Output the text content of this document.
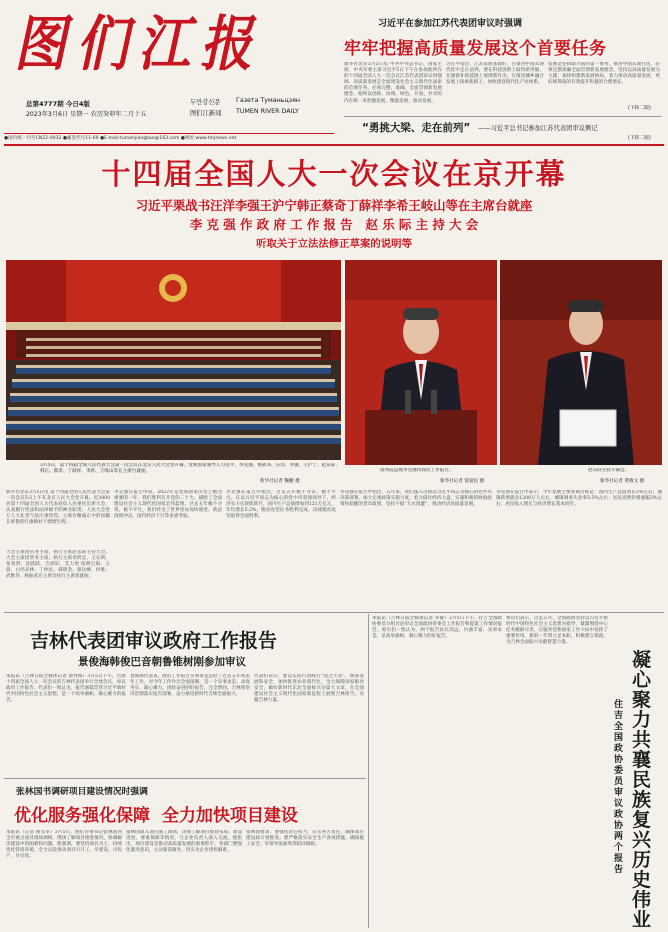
图们江报
总第4777期 今日4版
2023年3月6日 星期一 农历癸卯年二月十五
두만강신문 Газета Туманьцзян
图们江新闻 TUMEN RIVER DAILY
●国内统一刊号CN22-0032 ●邮发代号11-60 ●E-mail:tumenjiangbao@163.com ●网址:www.tmjnews.net
习近平在参加江苏代表团审议时强调
牢牢把握高质量发展这个首要任务
新华社北京3月5日电 中共中央总书记、国家主席、中央军委主席习近平5日下午在参加他所在的十四届全国人大一次会议江苏代表团审议时强调，高质量发展是全面建设社会主义现代化国家的首要任务。必须完整、准确、全面贯彻新发展理念，始终以创新、协调、绿色、开放、共享的内在统一来把握发展、衡量发展、推动发展。
习近平指出，江苏发展基础好，在推进中国式现代化中走在前列，要在科技创新上取得新突破，在强链补链延链上展现新作为，在推进城乡融合发展上探索新路子，加快建设现代化产业体系。
发展是党执政兴国的第一要务。推进中国式现代化，必须完整准确全面贯彻新发展理念，坚持以高质量发展为主题，加快构建新发展格局，着力推动高质量发展，更好统筹质的有效提升和量的合理增长。
(下转二版)
“勇挑大梁、走在前列” ——习近平总书记参加江苏代表团审议侧记
(下转二版)
十四届全国人大一次会议在京开幕
习近平栗战书汪洋李强王沪宁韩正蔡奇丁薛祥李希王岐山等在主席台就座
李 克 强 作 政 府 工 作 报 告   赵 乐 际 主 持 大 会
听取关于立法法修正草案的说明等
3月5日，第十四届全国人民代表大会第一次会议在北京人民大会堂开幕。党和国家领导人习近平、李克强、栗战书、汪洋、李强、王沪宁、赵乐际、韩正、蔡奇、丁薛祥、李希、王岐山等在主席台就座。
新华社记者 鞠鹏 摄
国务院总理李克强作政府工作报告。
新华社记者 饶爱民 摄
赵乐际主持开幕会。
新华社记者 黄敬文 摄
新华社北京3月5日电 第十四届全国人民代表大会第一次会议5日上午在北京人民大会堂开幕。近3000名第十四届全国人大代表肩负人民重托出席大会，认真履行宪法和法律赋予的神圣职责。人民大会堂万人大礼堂气氛庄重热烈。主席台帷幕正中的国徽在鲜艳的红旗映衬下熠熠生辉。
大会主席团常务主席、执行主席赵乐际主持大会。大会主席团常务主席、执行主席李鸿忠、王东明、张春贤、沈跃跃、吉炳轩、艾力更·依明巴海、王晨、白玛赤林、丁仲礼、郝明金、蔡达峰、何维、武维华、杨振武在主席台执行主席席就座。
李克强在报告中说，2022年是党和国家历史上极为重要的一年。我们胜利召开党的二十大，描绘了全面建设社会主义现代化国家宏伟蓝图。过去五年极不寻常、极不平凡，我们经受了世界变局加快演变、新冠疫情冲击、国内经济下行等多重考验。
李克强在报告中指出，过去五年极不寻常、极不平凡。在以习近平同志为核心的党中央坚强领导下，经济实力实现新跃升，国内生产总值增加到121万亿元，年均增长5.2%。脱贫攻坚任务胜利完成，决战脱贫攻坚取得全面胜利。
李克强在报告中指出，五年来，我们深入贯彻以习近平同志为核心的党中央决策部署，加大宏观政策实施力度，着力稳住经济大盘。实施积极的财政政策和稳健的货币政策，坚持不搞“大水漫灌”，推动经济高质量发展。
李克强在报告中表示，今年发展主要预期目标是：国内生产总值增长5%左右；城镇新增就业1200万人左右，城镇调查失业率5.5%左右；居民消费价格涨幅3%左右；居民收入增长与经济增长基本同步。
吉林代表团审议政府工作报告
景俊海韩俊巴音朝鲁锥树刚参加审议
本报讯（吉林日报全媒体记者 粟秀梅）3月5日下午，出席十四届全国人大一次会议的吉林代表团举行全体会议，审议政府工作报告。代表们一致认为，报告通篇贯穿习近平新时代中国特色社会主义思想，是一个高举旗帜、凝心聚力的报告。
景俊海代表说，政府工作报告实事求是总结了过去五年和去年工作，对今年工作作出全面部署，是一个实事求是、求真务实、凝心聚力、团结奋进的好报告，完全赞同。吉林将坚决贯彻落实报告部署，奋力推进新时代吉林全面振兴。
代表们表示，要以实际行动践行“国之大者”，统筹发展和安全，加快推进农业现代化，全力保障国家粮食安全，做好新时代东北全面振兴这篇大文章，在全面建设社会主义现代化国家新征程上展现吉林担当、贡献吉林力量。
张林国书调研项目建设情况时强调
优化服务强化保障  全力加快项目建设
本报讯（记者 杨文卓）3月5日，图们市委书记张林国到全市重点项目现场调研，现场了解项目推进情况，协调解决建设中的困难和问题。他强调，要坚持项目为王，持续优化营商环境，全力以赴推动项目早开工、早建设、早投产、早见效。
张林国深入项目施工现场，详细了解项目规划布局、建设进度、要素保障等情况，与企业负责人深入交流。他指出，项目建设是推动高质量发展的重要抓手，各部门要强化服务意识，主动靠前服务，切实为企业排忧解难。
张林国要求，要强化责任担当，压实各方责任，确保项目建设按计划推进。要严格落实安全生产各项措施，确保施工安全。市领导姜森秀等陪同调研。
本报讯（吉林日报全媒体记者 李静）3月5日下午，住吉全国政协委员分组讨论审议全国政协常委会工作报告和提案工作情况报告。委员们一致认为，两个报告站位高远、内涵丰富、实事求是，是高举旗帜、凝心聚力的好报告。
委员们表示，过去五年，全国政协坚持以习近平新时代中国特色社会主义思想为指导，紧紧围绕中心任务履职尽责，在服务党和国家工作大局中发挥了重要作用。新的一年将立足本职，积极建言资政，为吉林全面振兴贡献智慧力量。
凝心聚力共襄民族复兴历史伟业
住吉全国政协委员审议政协两个报告
